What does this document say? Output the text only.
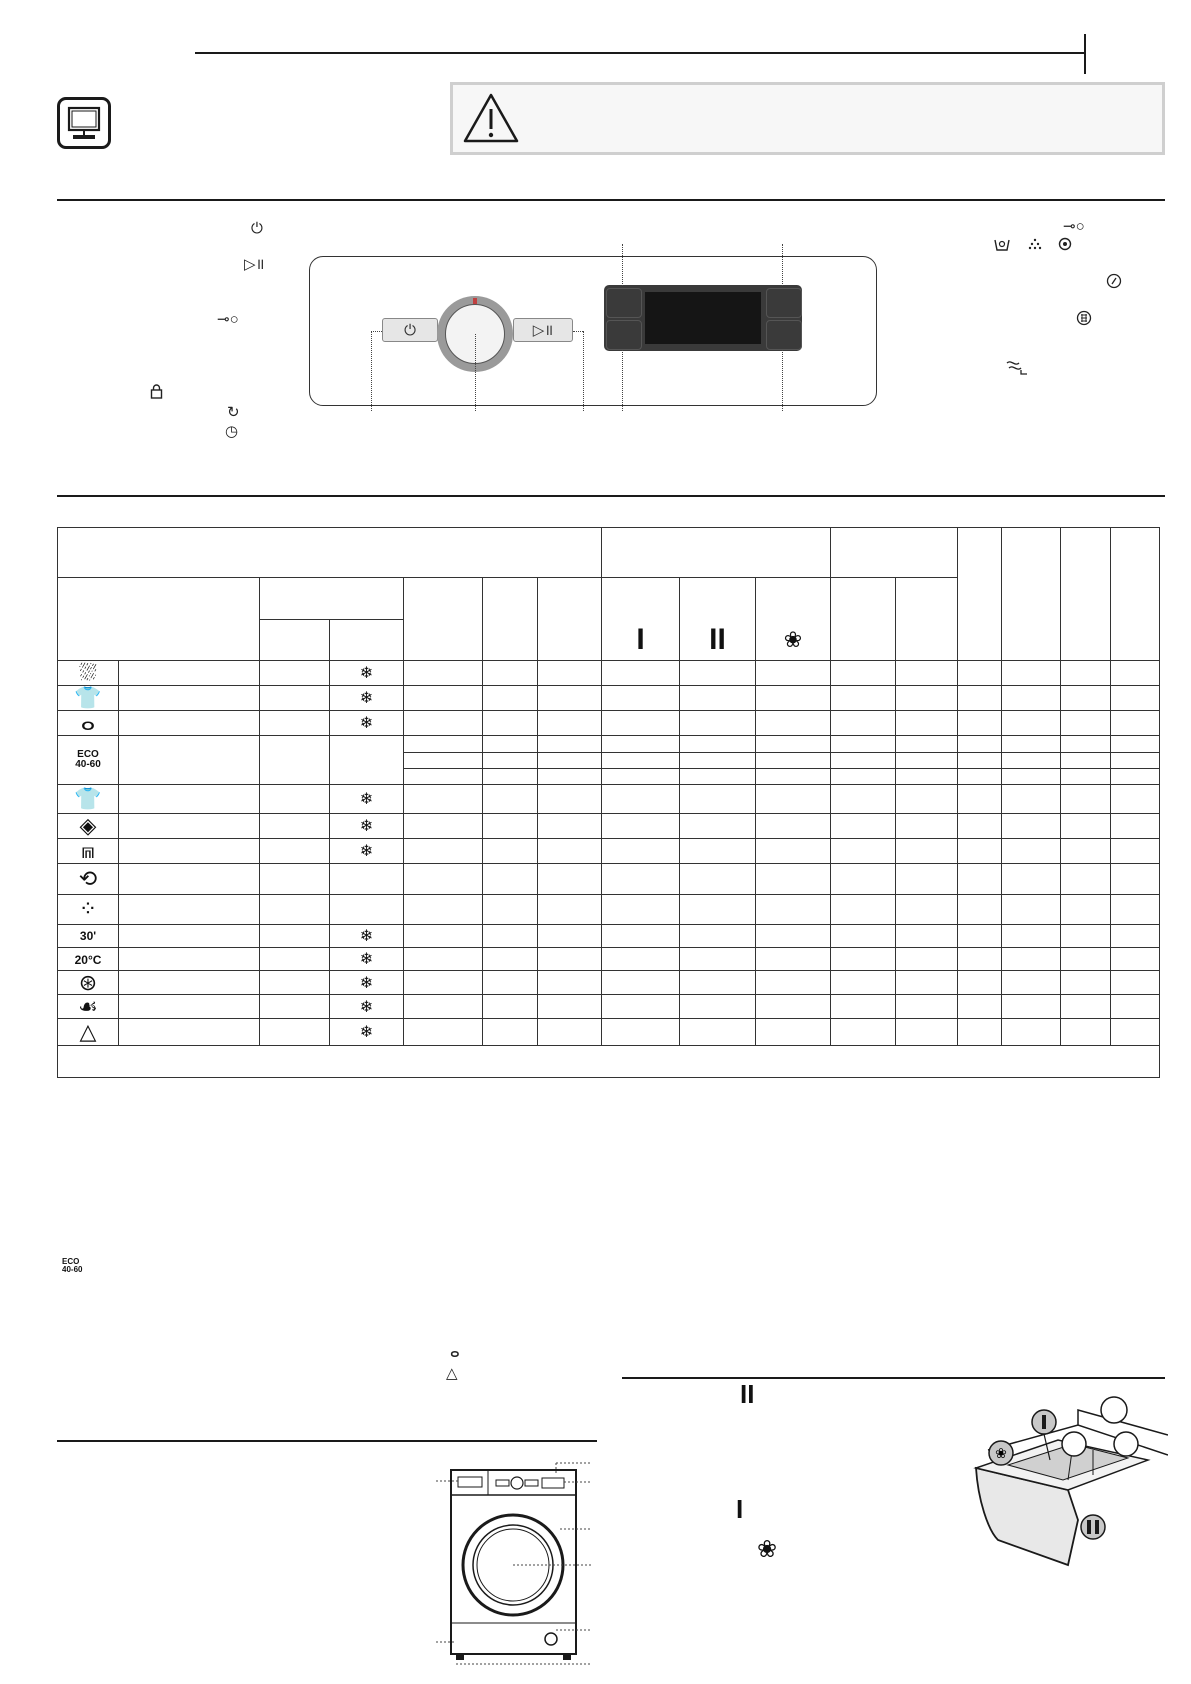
⏻
▷॥
⊸○
↻
◷
⊸○
⏻	▷॥

							I	II	❀						
⛆			❄												
👕			❄												
ⴰ			❄												

ECO
40-60															

👕			❄												
◈			❄												
⩎			❄												
⟲															
⁘															
30'			❄												
20°C			❄												
⊛			❄												
☙			❄												
△			❄												

ECO
40-60
ⴰ
△
II
I
❀
❀
